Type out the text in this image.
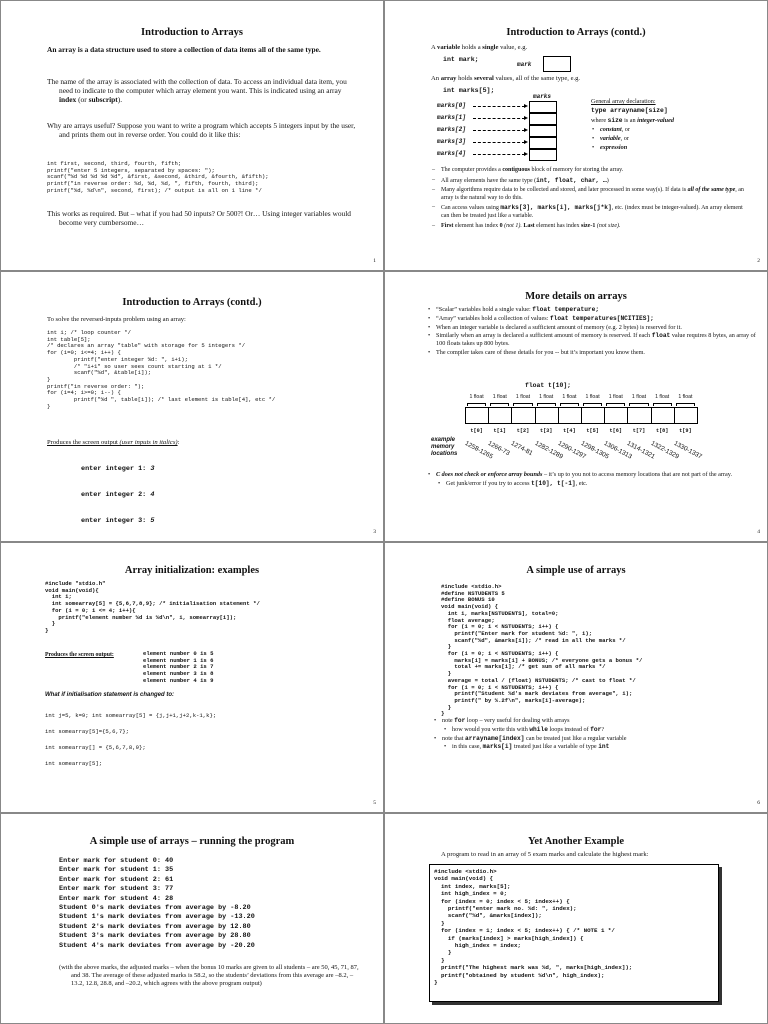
Introduction to Arrays
An array is a data structure used to store a collection of data items all of the same type.
The name of the array is associated with the collection of data. To access an individual data item, you need to indicate to the computer which array element you want. This is indicated using an array index (or subscript).
Why are arrays useful? Suppose you want to write a program which accepts 5 integers input by the user, and prints them out in reverse order. You could do it like this:
int first, second, third, fourth, fifth;
printf("enter 5 integers, separated by spaces: ");
scanf("%d %d %d %d %d", &first, &second, &third, &fourth, &fifth);
printf("in reverse order: %d, %d, %d, ", fifth, fourth, third);
printf("%d, %d\n", second, first); /* output is all on 1 line */
This works as required. But – what if you had 50 inputs? Or 500?! Or… Using integer variables would become very cumbersome…
1
Introduction to Arrays (contd.)
A variable holds a single value, e.g.
int mark;
mark
An array holds several values, all of the same type, e.g.
int marks[5];
marks
marks[0]
marks[1]
marks[2]
marks[3]
marks[4]
General array declaration:
type arrayname[size]
where size is an integer-valued
• constant, or
• variable, or
• expression
– The computer provides a contiguous block of memory for storing the array.
– All array elements have the same type (int, float, char, …)
– Many algorithms require data to be collected and stored, and later processed in some way(s). If data is all of the same type, an array is the natural way to do this.
– Can access values using marks[3], marks[i], marks[j*k], etc. (index must be integer-valued). An array element can then be treated just like a variable.
– First element has index 0 (not 1). Last element has index size-1 (not size).
2
Introduction to Arrays (contd.)
To solve the reversed-inputs problem using an array:
int i; /* loop counter */
int table[5];
/* declares an array "table" with storage for 5 integers */
for (i=0; i<=4; i++) {
printf("enter integer %d: ", i+1);
/* "i+1" so user sees count starting at 1 */
scanf("%d", &table[i]);
}
printf("in reverse order: ");
for (i=4; i>=0; i--) {
printf("%d ", table[i]); /* last element is table[4], etc */
}
Produces the screen output (user inputs in italics):

enter integer 1: 3

enter integer 2: 4

enter integer 3: 5

3
More details on arrays
• “Scalar” variables hold a single value: float temperature;
• “Array” variables hold a collection of values: float temperatures[NCITIES];
• When an integer variable is declared a sufficient amount of memory (e.g. 2 bytes) is reserved for it.
• Similarly when an array is declared a sufficient amount of memory is reserved. If each float value requires 8 bytes, an array of 100 floats takes up 800 bytes.
• The compiler takes care of these details for you -- but it’s important you know them.
float t[10];
example memory locations
• C does not check or enforce array bounds – it’s up to you not to access memory locations that are not part of the array.
• Get junk/error if you try to access t[10], t[-1], etc.
4
1 float
t[0]
1258-1265
1 float
t[1]
1266-73
1 float
t[2]
1274-81
1 float
t[3]
1282-1289
1 float
t[4]
1290-1297
1 float
t[5]
1298-1305
1 float
t[6]
1306-1313
1 float
t[7]
1314-1321
1 float
t[8]
1322-1329
1 float
t[9]
1330-1337
Array initialization: examples
#include "stdio.h"
void main(void){
int i;
int somearray[5] = {5,6,7,8,9}; /* initialisation statement */
for (i = 0; i <= 4; i++){
printf("element number %d is %d\n", i, somearray[i]);
}
}
Produces the screen output:	element number 0 is 5
element number 1 is 6
element number 2 is 7
element number 3 is 8
element number 4 is 9
What if initialisation statement is changed to:
int j=5, k=9; int somearray[5] = {j,j+1,j+2,k-1,k};
int somearray[5]={5,6,7};
int somearray[] = {5,6,7,8,9};
int somearray[5];
5
A simple use of arrays
#include <stdio.h>
#define NSTUDENTS 5
#define BONUS 10
void main(void) {
int i, marks[NSTUDENTS], total=0;
float average;
for (i = 0; i < NSTUDENTS; i++) {
printf("Enter mark for student %d: ", i);
scanf("%d", &marks[i]); /* read in all the marks */
}
for (i = 0; i < NSTUDENTS; i++) {
marks[i] = marks[i] + BONUS; /* everyone gets a bonus */
total += marks[i]; /* get sum of all marks */
}
average = total / (float) NSTUDENTS; /* cast to float */
for (i = 0; i < NSTUDENTS; i++) {
printf("Student %d's mark deviates from average", i);
printf(" by %.2f\n", marks[i]-average);
}
}
• note for loop – very useful for dealing with arrays
• how would you write this with while loops instead of for?
• note that arrayname[index] can be treated just like a regular variable
• in this case, marks[i] treated just like a variable of type int
6
A simple use of arrays – running the program
Enter mark for student 0: 40
Enter mark for student 1: 35
Enter mark for student 2: 61
Enter mark for student 3: 77
Enter mark for student 4: 28
Student 0's mark deviates from average by -8.20
Student 1's mark deviates from average by -13.20
Student 2's mark deviates from average by 12.80
Student 3's mark deviates from average by 28.80
Student 4's mark deviates from average by -20.20
(with the above marks, the adjusted marks – when the bonus 10 marks are given to all students – are 50, 45, 71, 87, and 38. The average of these adjusted marks is 58.2, so the students’ deviations from this average are –8.2, –13.2, 12.8, 28.8, and –20.2, which agrees with the above program output)
Yet Another Example
A program to read in an array of 5 exam marks and calculate the highest mark:
#include <stdio.h>
void main(void) {
int index, marks[5];
int high_index = 0;
for (index = 0; index < 5; index++) {
printf("enter mark no. %d: ", index);
scanf("%d", &marks[index]);
}
for (index = 1; index < 5; index++) { /* NOTE 1 */
if (marks[index] > marks[high_index]) {
high_index = index;
}
}
printf("The highest mark was %d, ", marks[high_index]);
printf("obtained by student %d\n", high_index);
}
